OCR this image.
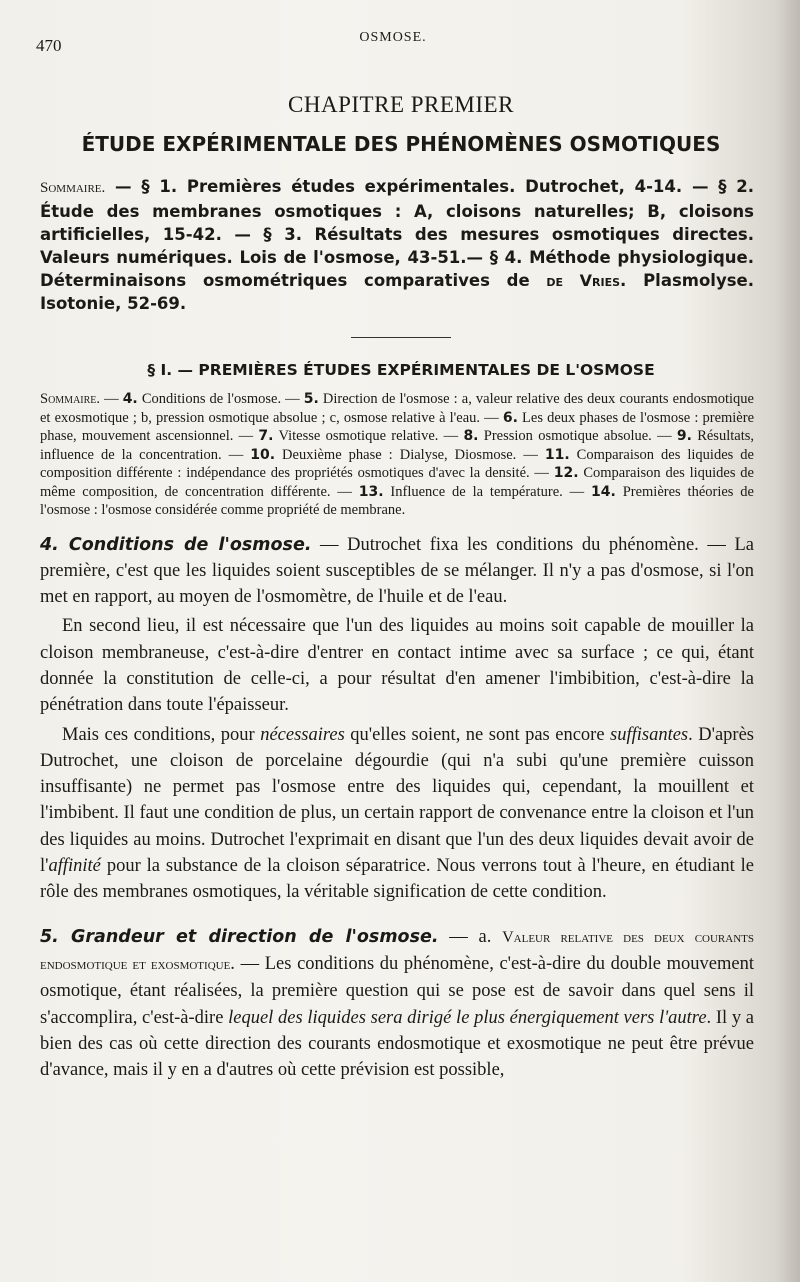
470	OSMOSE.
CHAPITRE PREMIER
ÉTUDE EXPÉRIMENTALE DES PHÉNOMÈNES OSMOTIQUES
Sommaire. — § 1. Premières études expérimentales. Dutrochet, 4-14. — § 2. Étude des membranes osmotiques : A, cloisons naturelles; B, cloisons artificielles, 15-42. — § 3. Résultats des mesures osmotiques directes. Valeurs numériques. Lois de l'osmose, 43-51.— § 4. Méthode physiologique. Déterminaisons osmométriques comparatives de de Vries. Plasmolyse. Isotonie, 52-69.
§ I. — PREMIÈRES ÉTUDES EXPÉRIMENTALES DE L'OSMOSE
Sommaire. — 4. Conditions de l'osmose. — 5. Direction de l'osmose : a, valeur relative des deux courants endosmotique et exosmotique ; b, pression osmotique absolue ; c, osmose relative à l'eau. — 6. Les deux phases de l'osmose : première phase, mouvement ascensionnel. — 7. Vitesse osmotique relative. — 8. Pression osmotique absolue. — 9. Résultats, influence de la concentration. — 10. Deuxième phase : Dialyse, Diosmose. — 11. Comparaison des liquides de composition différente : indépendance des propriétés osmotiques d'avec la densité. — 12. Comparaison des liquides de même composition, de concentration différente. — 13. Influence de la température. — 14. Premières théories de l'osmose : l'osmose considérée comme propriété de membrane.

4. Conditions de l'osmose. — Dutrochet fixa les conditions du phénomène. — La première, c'est que les liquides soient susceptibles de se mélanger. Il n'y a pas d'osmose, si l'on met en rapport, au moyen de l'osmomètre, de l'huile et de l'eau.

En second lieu, il est nécessaire que l'un des liquides au moins soit capable de mouiller la cloison membraneuse, c'est-à-dire d'entrer en contact intime avec sa surface ; ce qui, étant donnée la constitution de celle-ci, a pour résultat d'en amener l'imbibition, c'est-à-dire la pénétration dans toute l'épaisseur.

Mais ces conditions, pour nécessaires qu'elles soient, ne sont pas encore suffisantes. D'après Dutrochet, une cloison de porcelaine dégourdie (qui n'a subi qu'une première cuisson insuffisante) ne permet pas l'osmose entre des liquides qui, cependant, la mouillent et l'imbibent. Il faut une condition de plus, un certain rapport de convenance entre la cloison et l'un des liquides au moins. Dutrochet l'exprimait en disant que l'un des deux liquides devait avoir de l'affinité pour la substance de la cloison séparatrice. Nous verrons tout à l'heure, en étudiant le rôle des membranes osmotiques, la véritable signification de cette condition.

5. Grandeur et direction de l'osmose. — a. Valeur relative des deux courants endosmotique et exosmotique. — Les conditions du phénomène, c'est-à-dire du double mouvement osmotique, étant réalisées, la première question qui se pose est de savoir dans quel sens il s'accomplira, c'est-à-dire lequel des liquides sera dirigé le plus énergiquement vers l'autre. Il y a bien des cas où cette direction des courants endosmotique et exosmotique ne peut être prévue d'avance, mais il y en a d'autres où cette prévision est possible,
